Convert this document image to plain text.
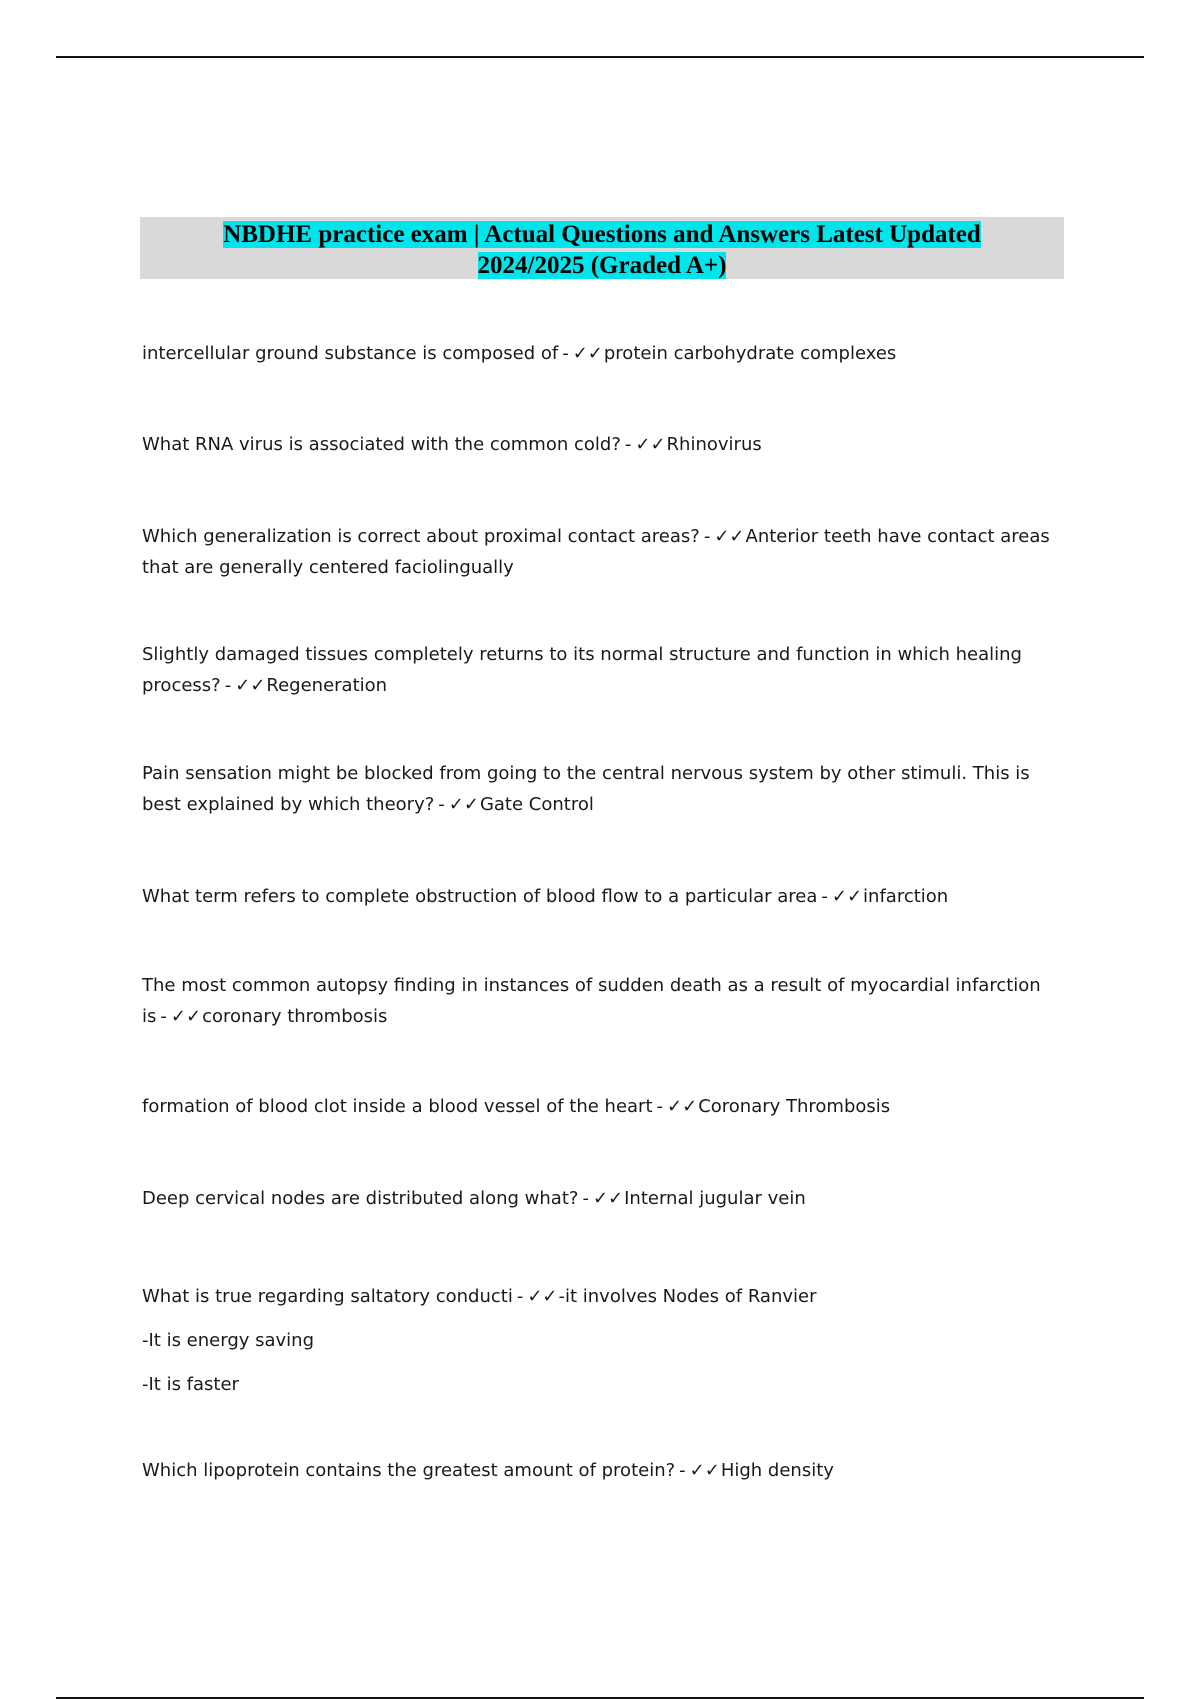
NBDHE practice exam | Actual Questions and Answers Latest Updated
2024/2025 (Graded A+)
intercellular ground substance is composed of - ✓✓protein carbohydrate complexes
What RNA virus is associated with the common cold? - ✓✓Rhinovirus
Which generalization is correct about proximal contact areas? - ✓✓Anterior teeth have contact areas that are generally centered faciolingually
Slightly damaged tissues completely returns to its normal structure and function in which healing process? - ✓✓Regeneration
Pain sensation might be blocked from going to the central nervous system by other stimuli. This is best explained by which theory? - ✓✓Gate Control
What term refers to complete obstruction of blood flow to a particular area - ✓✓infarction
The most common autopsy finding in instances of sudden death as a result of myocardial infarction is - ✓✓coronary thrombosis
formation of blood clot inside a blood vessel of the heart - ✓✓Coronary Thrombosis
Deep cervical nodes are distributed along what? - ✓✓Internal jugular vein
What is true regarding saltatory conducti - ✓✓-it involves Nodes of Ranvier
-It is energy saving
-It is faster
Which lipoprotein contains the greatest amount of protein? - ✓✓High density
